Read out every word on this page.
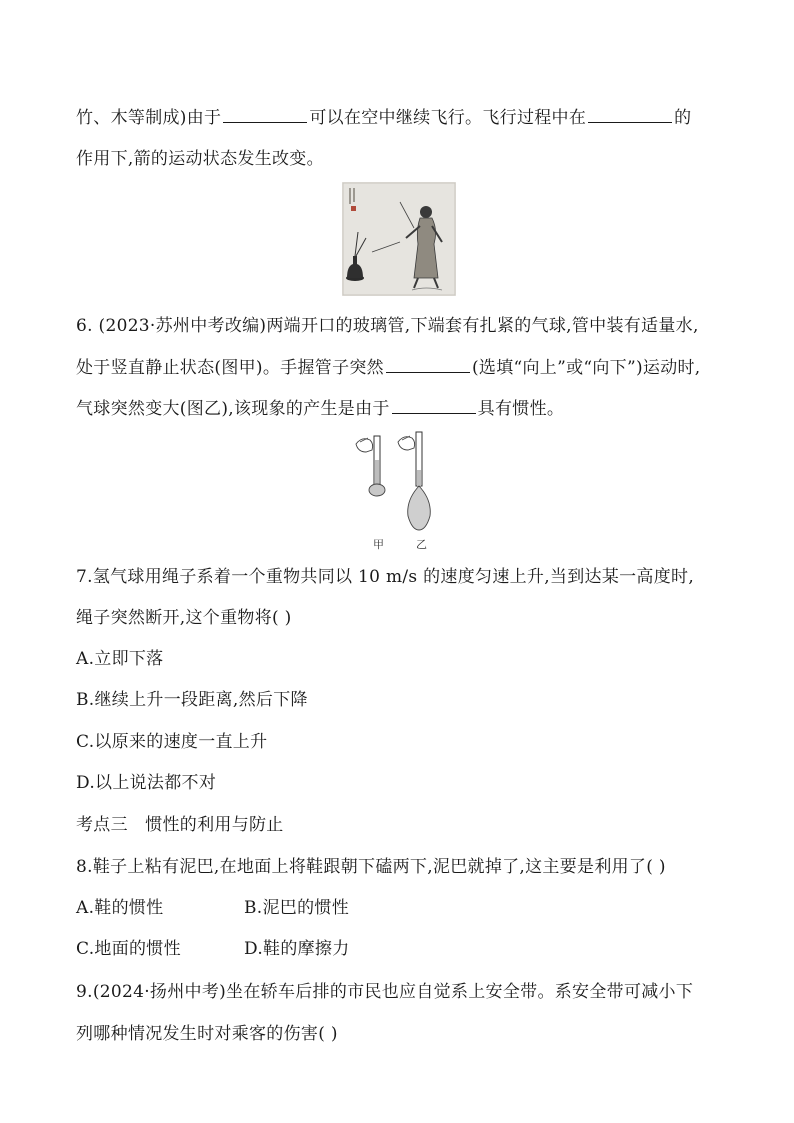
竹、木等制成)由于	可以在空中继续飞行。飞行过程中在	的
作用下,箭的运动状态发生改变。
6. (2023·苏州中考改编)两端开口的玻璃管,下端套有扎紧的气球,管中装有适量水,
处于竖直静止状态(图甲)。手握管子突然	(选填“向上”或“向下”)运动时,
气球突然变大(图乙),该现象的产生是由于	具有惯性。
甲	乙
7.氢气球用绳子系着一个重物共同以 10 m/s 的速度匀速上升,当到达某一高度时,
绳子突然断开,这个重物将( )
A.立即下落
B.继续上升一段距离,然后下降
C.以原来的速度一直上升
D.以上说法都不对
考点三　惯性的利用与防止
8.鞋子上粘有泥巴,在地面上将鞋跟朝下磕两下,泥巴就掉了,这主要是利用了( )
A.鞋的惯性	B.泥巴的惯性
C.地面的惯性	D.鞋的摩擦力
9.(2024·扬州中考)坐在轿车后排的市民也应自觉系上安全带。系安全带可减小下
列哪种情况发生时对乘客的伤害( )
